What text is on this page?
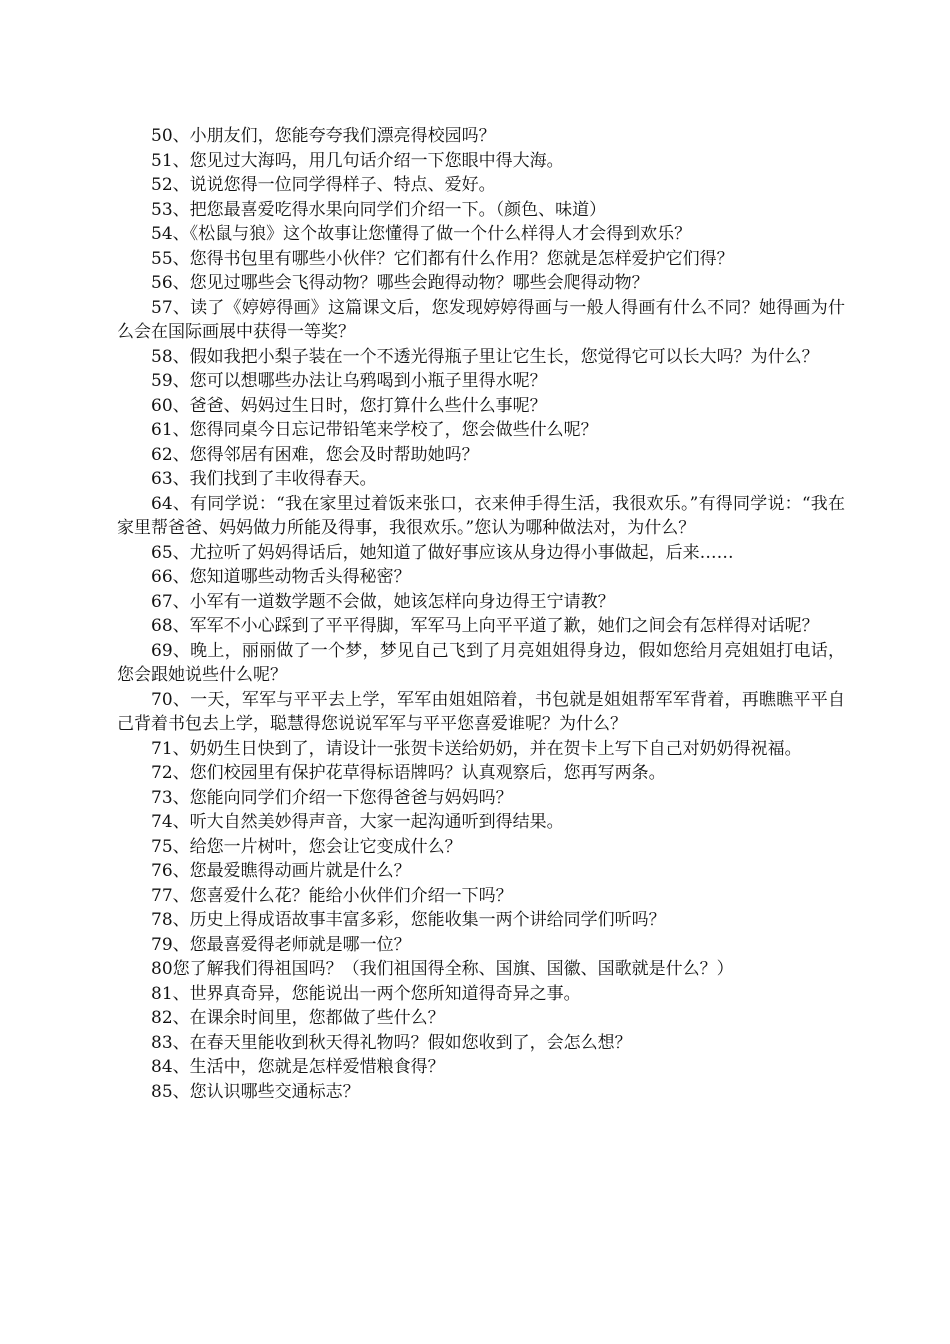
50、小朋友们，您能夸夸我们漂亮得校园吗？

51、您见过大海吗，用几句话介绍一下您眼中得大海。

52、说说您得一位同学得样子、特点、爱好。

53、把您最喜爱吃得水果向同学们介绍一下。（颜色、味道）

54、《松鼠与狼》这个故事让您懂得了做一个什么样得人才会得到欢乐？

55、您得书包里有哪些小伙伴？它们都有什么作用？您就是怎样爱护它们得？

56、您见过哪些会飞得动物？哪些会跑得动物？哪些会爬得动物？

57、读了《婷婷得画》这篇课文后，您发现婷婷得画与一般人得画有什么不同？她得画为什么会在国际画展中获得一等奖？

58、假如我把小梨子装在一个不透光得瓶子里让它生长，您觉得它可以长大吗？为什么？

59、您可以想哪些办法让乌鸦喝到小瓶子里得水呢？

60、爸爸、妈妈过生日时，您打算什么些什么事呢？

61、您得同桌今日忘记带铅笔来学校了，您会做些什么呢？

62、您得邻居有困难，您会及时帮助她吗？

63、我们找到了丰收得春天。

64、有同学说：“我在家里过着饭来张口，衣来伸手得生活，我很欢乐。”有得同学说：“我在家里帮爸爸、妈妈做力所能及得事，我很欢乐。”您认为哪种做法对，为什么？

65、尤拉听了妈妈得话后，她知道了做好事应该从身边得小事做起，后来……

66、您知道哪些动物舌头得秘密？

67、小军有一道数学题不会做，她该怎样向身边得王宁请教？

68、军军不小心踩到了平平得脚，军军马上向平平道了歉，她们之间会有怎样得对话呢？

69、晚上，丽丽做了一个梦，梦见自己飞到了月亮姐姐得身边，假如您给月亮姐姐打电话，您会跟她说些什么呢？

70、一天，军军与平平去上学，军军由姐姐陪着，书包就是姐姐帮军军背着，再瞧瞧平平自己背着书包去上学，聪慧得您说说军军与平平您喜爱谁呢？为什么？

71、奶奶生日快到了，请设计一张贺卡送给奶奶，并在贺卡上写下自己对奶奶得祝福。

72、您们校园里有保护花草得标语牌吗？认真观察后，您再写两条。

73、您能向同学们介绍一下您得爸爸与妈妈吗？

74、听大自然美妙得声音，大家一起沟通听到得结果。

75、给您一片树叶，您会让它变成什么？

76、您最爱瞧得动画片就是什么？

77、您喜爱什么花？能给小伙伴们介绍一下吗？

78、历史上得成语故事丰富多彩，您能收集一两个讲给同学们听吗？

79、您最喜爱得老师就是哪一位？

80您了解我们得祖国吗？（我们祖国得全称、国旗、国徽、国歌就是什么？）

81、世界真奇异，您能说出一两个您所知道得奇异之事。

82、在课余时间里，您都做了些什么？

83、在春天里能收到秋天得礼物吗？假如您收到了，会怎么想？

84、生活中，您就是怎样爱惜粮食得？

85、您认识哪些交通标志？
